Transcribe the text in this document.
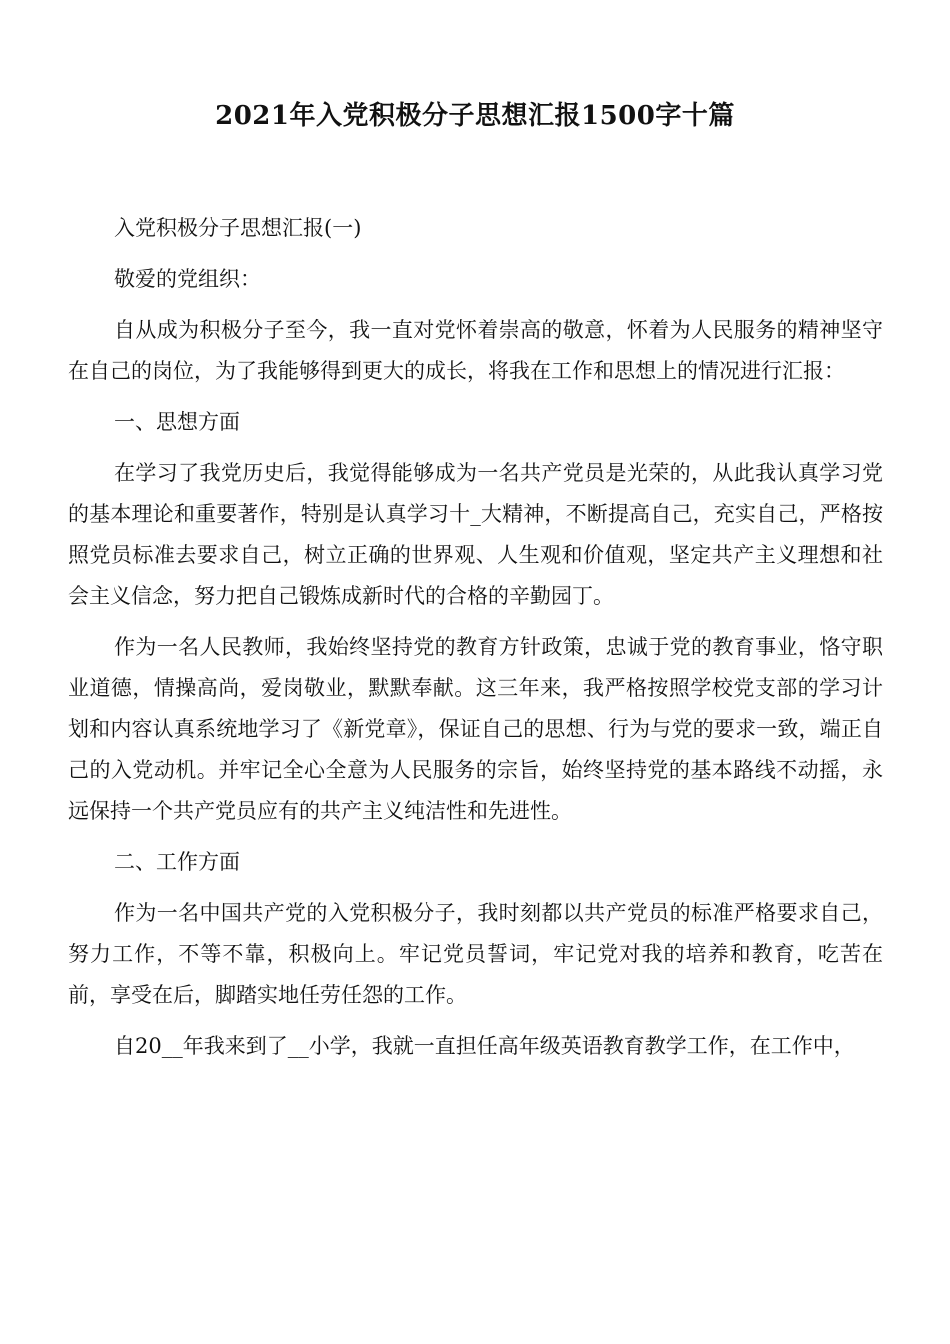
2021年入党积极分子思想汇报1500字十篇

入党积极分子思想汇报(一)

敬爱的党组织：

自从成为积极分子至今，我一直对党怀着崇高的敬意，怀着为人民服务的精神坚守在自己的岗位，为了我能够得到更大的成长，将我在工作和思想上的情况进行汇报：

一、思想方面

在学习了我党历史后，我觉得能够成为一名共产党员是光荣的，从此我认真学习党的基本理论和重要著作，特别是认真学习十_大精神，不断提高自己，充实自己，严格按照党员标准去要求自己，树立正确的世界观、人生观和价值观，坚定共产主义理想和社会主义信念，努力把自己锻炼成新时代的合格的辛勤园丁。

作为一名人民教师，我始终坚持党的教育方针政策，忠诚于党的教育事业，恪守职业道德，情操高尚，爱岗敬业，默默奉献。这三年来，我严格按照学校党支部的学习计划和内容认真系统地学习了《新党章》，保证自己的思想、行为与党的要求一致，端正自己的入党动机。并牢记全心全意为人民服务的宗旨，始终坚持党的基本路线不动摇，永远保持一个共产党员应有的共产主义纯洁性和先进性。

二、工作方面

作为一名中国共产党的入党积极分子，我时刻都以共产党员的标准严格要求自己，努力工作，不等不靠，积极向上。牢记党员誓词，牢记党对我的培养和教育，吃苦在前，享受在后，脚踏实地任劳任怨的工作。

自20__年我来到了__小学，我就一直担任高年级英语教育教学工作，在工作中，
